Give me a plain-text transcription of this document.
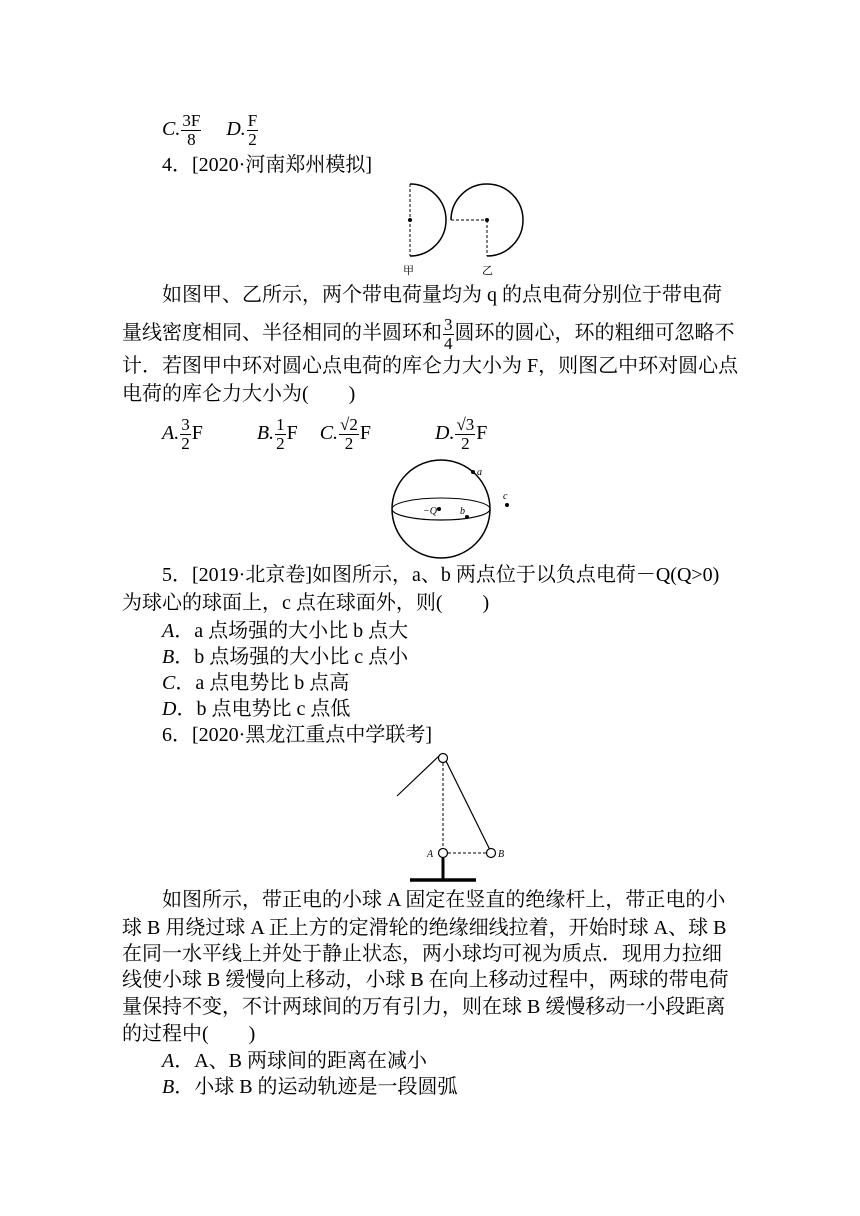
C. $\frac{3F}{8} D$. $\frac{F}{2}$
4．[2020·河南郑州模拟]
甲	乙
如图甲、乙所示，两个带电荷量均为 q 的点电荷分别位于带电荷
量线密度相同、半径相同的半圆环和 $\frac{3}{4}$ 圆环的圆心，环的粗细可忽略不
计．若图甲中环对圆心点电荷的库仑力大小为 F，则图乙中环对圆心点
电荷的库仑力大小为(　　)
A. $\frac{3}{2}$ F	B. $\frac{1}{2}$ F C. $\frac{√2}{2}$ F	D. $\frac{√3}{2}$ F
−Q
a
b
c
5．[2019·北京卷]如图所示，a、b 两点位于以负点电荷－Q(Q>0)
为球心的球面上，c 点在球面外，则(　　)
A．a 点场强的大小比 b 点大
B．b 点场强的大小比 c 点小
C．a 点电势比 b 点高
D．b 点电势比 c 点低
6．[2020·黑龙江重点中学联考]
A	B
如图所示，带正电的小球 A 固定在竖直的绝缘杆上，带正电的小
球 B 用绕过球 A 正上方的定滑轮的绝缘细线拉着，开始时球 A、球 B
在同一水平线上并处于静止状态，两小球均可视为质点．现用力拉细
线使小球 B 缓慢向上移动，小球 B 在向上移动过程中，两球的带电荷
量保持不变，不计两球间的万有引力，则在球 B 缓慢移动一小段距离
的过程中(　　)
A．A、B 两球间的距离在减小
B．小球 B 的运动轨迹是一段圆弧
